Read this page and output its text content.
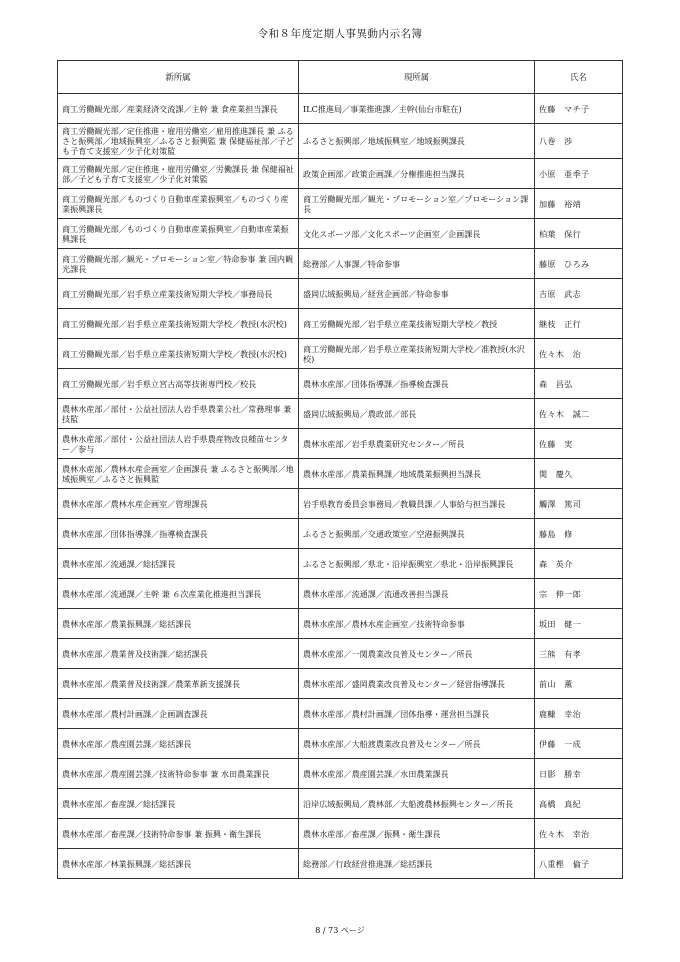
令和８年度定期人事異動内示名簿
新所属	現所属	氏名
商工労働観光部／産業経済交流課／主幹 兼 食産業担当課長	ILC推進局／事業推進課／主幹(仙台市駐在)	佐藤　マチ子
商工労働観光部／定住推進・雇用労働室／雇用推進課長 兼 ふるさと振興部／地域振興室／ふるさと振興監 兼 保健福祉部／子ども子育て支援室／少子化対策監	ふるさと振興部／地域振興室／地域振興課長	八巻　渉
商工労働観光部／定住推進・雇用労働室／労働課長 兼 保健福祉部／子ども子育て支援室／少子化対策監	政策企画部／政策企画課／分権推進担当課長	小原　亜季子
商工労働観光部／ものづくり自動車産業振興室／ものづくり産業振興課長	商工労働観光部／観光・プロモーション室／プロモーション課長	加藤　裕靖
商工労働観光部／ものづくり自動車産業振興室／自動車産業振興課長	文化スポーツ部／文化スポーツ企画室／企画課長	柏葉　保行
商工労働観光部／観光・プロモーション室／特命参事 兼 国内観光課長	総務部／人事課／特命参事	藤原　ひろみ
商工労働観光部／岩手県立産業技術短期大学校／事務局長	盛岡広域振興局／経営企画部／特命参事	吉原　武志
商工労働観光部／岩手県立産業技術短期大学校／教授(水沢校)	商工労働観光部／岩手県立産業技術短期大学校／教授	継枝　正行
商工労働観光部／岩手県立産業技術短期大学校／教授(水沢校)	商工労働観光部／岩手県立産業技術短期大学校／准教授(水沢校)	佐々木　治
商工労働観光部／岩手県立宮古高等技術専門校／校長	農林水産部／団体指導課／指導検査課長	森　昌弘
農林水産部／部付・公益社団法人岩手県農業公社／常務理事 兼 技監	盛岡広域振興局／農政部／部長	佐々木　誠二
農林水産部／部付・公益社団法人岩手県農産物改良種苗センター／参与	農林水産部／岩手県農業研究センター／所長	佐藤　実
農林水産部／農林水産企画室／企画課長 兼 ふるさと振興部／地域振興室／ふるさと振興監	農林水産部／農業振興課／地域農業振興担当課長	関　慶久
農林水産部／農林水産企画室／管理課長	岩手県教育委員会事務局／教職員課／人事給与担当課長	觸澤　篤司
農林水産部／団体指導課／指導検査課長	ふるさと振興部／交通政策室／空港振興課長	藤島　修
農林水産部／流通課／総括課長	ふるさと振興部／県北・沿岸振興室／県北・沿岸振興課長	森　英介
農林水産部／流通課／主幹 兼 ６次産業化推進担当課長	農林水産部／流通課／流通改善担当課長	宗　伸一郎
農林水産部／農業振興課／総括課長	農林水産部／農林水産企画室／技術特命参事	坂田　健一
農林水産部／農業普及技術課／総括課長	農林水産部／一関農業改良普及センター／所長	三熊　有孝
農林水産部／農業普及技術課／農業革新支援課長	農林水産部／盛岡農業改良普及センター／経営指導課長	前山　薫
農林水産部／農村計画課／企画調査課長	農林水産部／農村計画課／団体指導・運営担当課長	鹿糠　幸治
農林水産部／農産園芸課／総括課長	農林水産部／大船渡農業改良普及センター／所長	伊藤　一成
農林水産部／農産園芸課／技術特命参事 兼 水田農業課長	農林水産部／農産園芸課／水田農業課長	日影　勝幸
農林水産部／畜産課／総括課長	沿岸広域振興局／農林部／大船渡農林振興センター／所長	高橋　真紀
農林水産部／畜産課／技術特命参事 兼 振興・衛生課長	農林水産部／畜産課／振興・衛生課長	佐々木　幸治
農林水産部／林業振興課／総括課長	総務部／行政経営推進課／総括課長	八重樫　倫子
8 / 73 ページ
